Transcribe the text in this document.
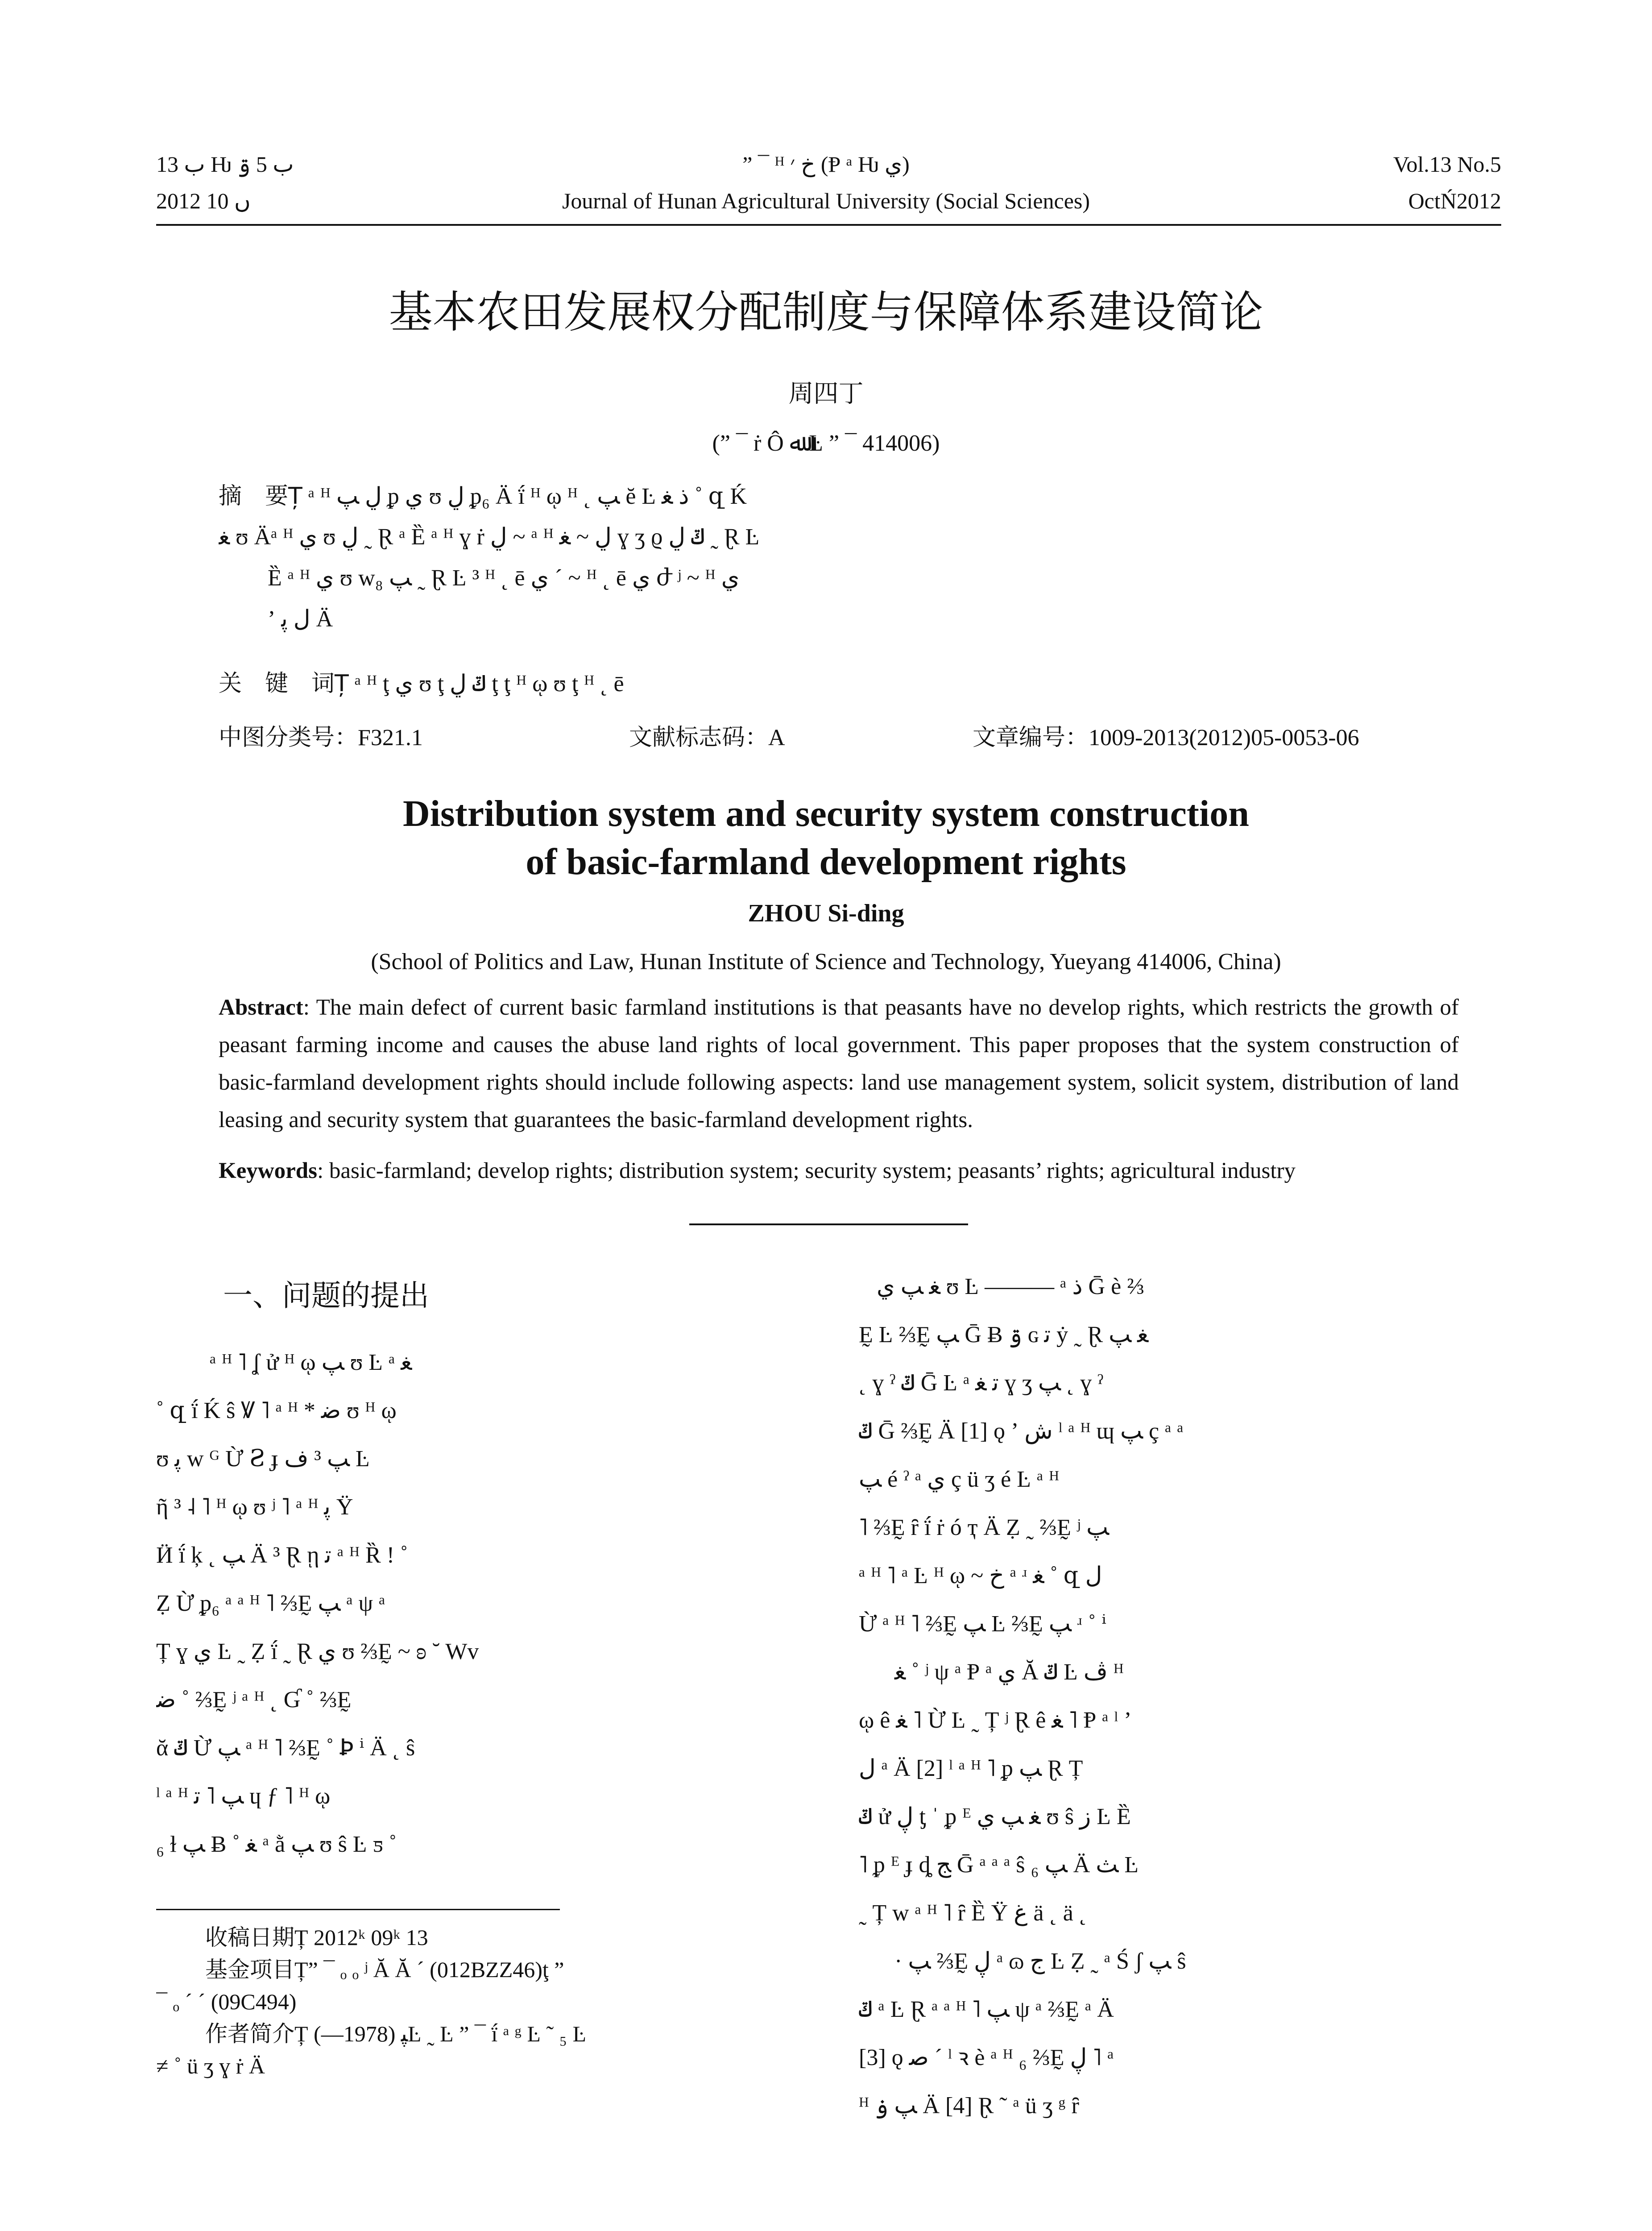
ب 13 Ƕ ب 5 ۊ
2012 ں 10
” ¯ ᴴ ﺥ ׳ (Ᵽ ᵃ Ƕ ي)
Journal of Hunan Agricultural University (Social Sciences)
Vol.13 No.5
OctŃ2012
基本农田发展权分配制度与保障体系建设简论
周四丁
(” ¯ ṙ Ô ﷲ Ŀ ” ¯ 414006)
摘　要Ț ᵃ ᴴ ڸ ﭗ ᵱ ي ʊ ڸ ᵱ₆ Ä ḯ ᴴ ῳ ᴴ ˛ ﭗ ĕ Ŀ ﺫ ﻐ ˚ զ Ḱ
ﻐ ʊ Äᵃ ᴴ ي ʊ ڸ ˷ Ɽ ᵃ Ȅ ᵃ ᴴ ɣ ṙ ڸ ~ ᵃ ᴴ ڸ ~ ﻐ ɣ ʒ ϱ ݿ ڸ ˷ Ɽ Ŀ
Ȅ ᵃ ᴴ ي ʊ w₈ ﭗ ˷ Ɽ Ŀ ³ ᴴ ˛ ē ي ˊ ~ ᴴ ˛ ē ي ժ ʲ ~ ᴴ ي
ʼ ﻝ ﭘ Ä
关　键　词Ț ᵃ ᴴ ţ ي ʊ ţ ݿ ڸ ţ ţ ᴴ ῳ ʊ ţ ᴴ ˛ ē
中图分类号：F321.1	文献标志码：A	文章编号：1009-2013(2012)05-0053-06
Distribution system and security system construction
of basic-farmland development rights
ZHOU Si-ding
(School of Politics and Law, Hunan Institute of Science and Technology, Yueyang 414006, China)
Abstract: The main defect of current basic farmland institutions is that peasants have no develop rights, which restricts the growth of peasant farming income and causes the abuse land rights of local government. This paper proposes that the system construction of basic-farmland development rights should include following aspects: land use management system, solicit system, distribution of land leasing and security system that guarantees the basic-farmland development rights.
Keywords: basic-farmland; develop rights; distribution system; security system; peasants’ rights; agricultural industry
一、问题的提出
ᵃ ᴴ ˥ ʆ ử ᴴ ῳ ﭗ ʊ Ŀ ᵃ ﻐ
˚ զ ḯ Ḱ ŝ Ꝟ ˥ ᵃ ᴴ * ﺿ ʊ ᴴ ῳ
ʊ ﭘ w ᴳ Ừ Ꙅ ɟ ﭗ ³ ﻑ Ŀ
ῆ ³ ˨ ˥ ᴴ ῳ ʊ ʲ ˥ ᵃ ᴴ ﭘ Ÿ
Ӥ ḯ ķ ˛ ﭗ Ä ³ Ɽ ῃ ﺗ ᵃ ᴴ Ȑ ! ˚
Ẓ Ừ ᵱ₆ ᵃ ᵃ ᴴ ˥ ⅔Ḛ ﭗ ᵃ ψ ᵃ
Ț ɣ ي Ŀ ˷ Ẓ ḯ ˷ Ɽ ي ʊ ⅔Ḛ ~ ʚ ˘ Wv
ﺿ ˚ ⅔Ḛ ʲ ᵃ ᴴ ˛ Ɠ ˚ ⅔Ḛ
ᾰ ݿ Ừ ﭗ ᵃ ᴴ ˥ ⅔Ḛ ˚ Ꝧ ⁱ Ä ˛ ŝ
ˡ ᵃ ᴴ ﭗ ˥ ﺗ ɥ ƒ ˥ ᴴ ῳ
₆ ɫ ﭗ Ƀ ˚ ﻐ ᵃ ằ ﭗ ʊ ŝ Ŀ ƽ ˚
收稿日期Ț 2012ᵏ 09ᵏ 13
基金项目Ț” ¯ ₒ ₒ ʲ Ă Ă ˊ (012BZZ46)ţ ”
¯ ₒ ˊ ˊ (09C494)
作者简介Ț ﭙ (1978—)Ŀ ˷ Ŀ ” ¯ ḯ ᵃ ᵍ Ŀ ˜ ₅ Ŀ
≠ ˚ ü ʒ ɣ ṙ Ä
ﻐ ﭗ ي ʊ Ŀ ——— ᵃ ﺫ Ḡ è ⅔
Ḛ Ŀ ⅔Ḛ ﭗ Ḡ Ƀ ۊ ɢ ﺗ ẏ ˷ Ɽ ﻐ ﭗ
˛ ɣ ˀ ݿ Ḡ Ŀ ᵃ ﺗ ﻐ ɣ ʒ ﭗ ˛ ɣ ˀ
ݿ Ḡ ⅔Ḛ Ä [1] ǫ ʼ ﺵ ˡ ᵃ ᴴ ɰ ﭗ ç ᵃ ᵃ
ﭗ é ˀ ᵃ ي ç ü ʒ é Ŀ ᵃ ᴴ
˥ ⅔Ḛ ȓ ḯ ṙ ó ҭ Ä Ẓ ˷ ⅔Ḛ ʲ ﭗ
ᵃ ᴴ ˥ ᵃ Ŀ ᴴ ῳ ~ ﺥ ᵃ ʴ ﻐ ˚ զ ﻝ
Ừ ᵃ ᴴ ˥ ⅔Ḛ ﭗ Ŀ ⅔Ḛ ﭗ ʴ ˚ ⁱ
ﻐ ˚ ʲ ψ ᵃ Ᵽ ᵃ ي Ă ݿ Ŀ ﭪ ᴴ
ῳ ê ﻐ ˥ Ừ Ŀ ˷ Ț ʲ Ɽ ê ﻐ ˥ Ᵽ ᵃ ˡ ʼ
ﻝ ᵃ Ä [2] ˡ ᵃ ᴴ ˥ ᵱ ﭗ Ɽ Ț
ݿ ử ڸ ƫ ˈ ᵱ ᴱ ﻐ ﭗ ي ʊ ŝ ﺯ Ŀ Ȅ
˥ ᵱ ᴱ ɟ ȡ ﺞ Ḡ ᵃ ᵃ ᵃ ŝ ﭗ ₆ Ä ﺚ Ŀ
˷ Ț w ᵃ ᴴ ˥ ȓ Ȅ Ÿ ﻍ ä ˛ ä ˛
· ﭗ ⅔Ḛ ڸ ᵃ ɷ ﺝ Ŀ Ẓ ˷ ᵃ Ś ʃ ﭗ ŝ
ݿ ᵃ Ŀ Ɽ ᵃ ᵃ ᴴ ˥ ﭗ ψ ᵃ ⅔Ḛ ᵃ Ä
[3] ǫ ﺻ ˊ ˡ ꝛ è ᵃ ᴴ ₆ ⅔Ḛ ڸ ˥ ᵃ
ᴴ ﭗ ۏ Ä [4] Ɽ ˜ ᵃ ü ʒ ᵍ ȓ
